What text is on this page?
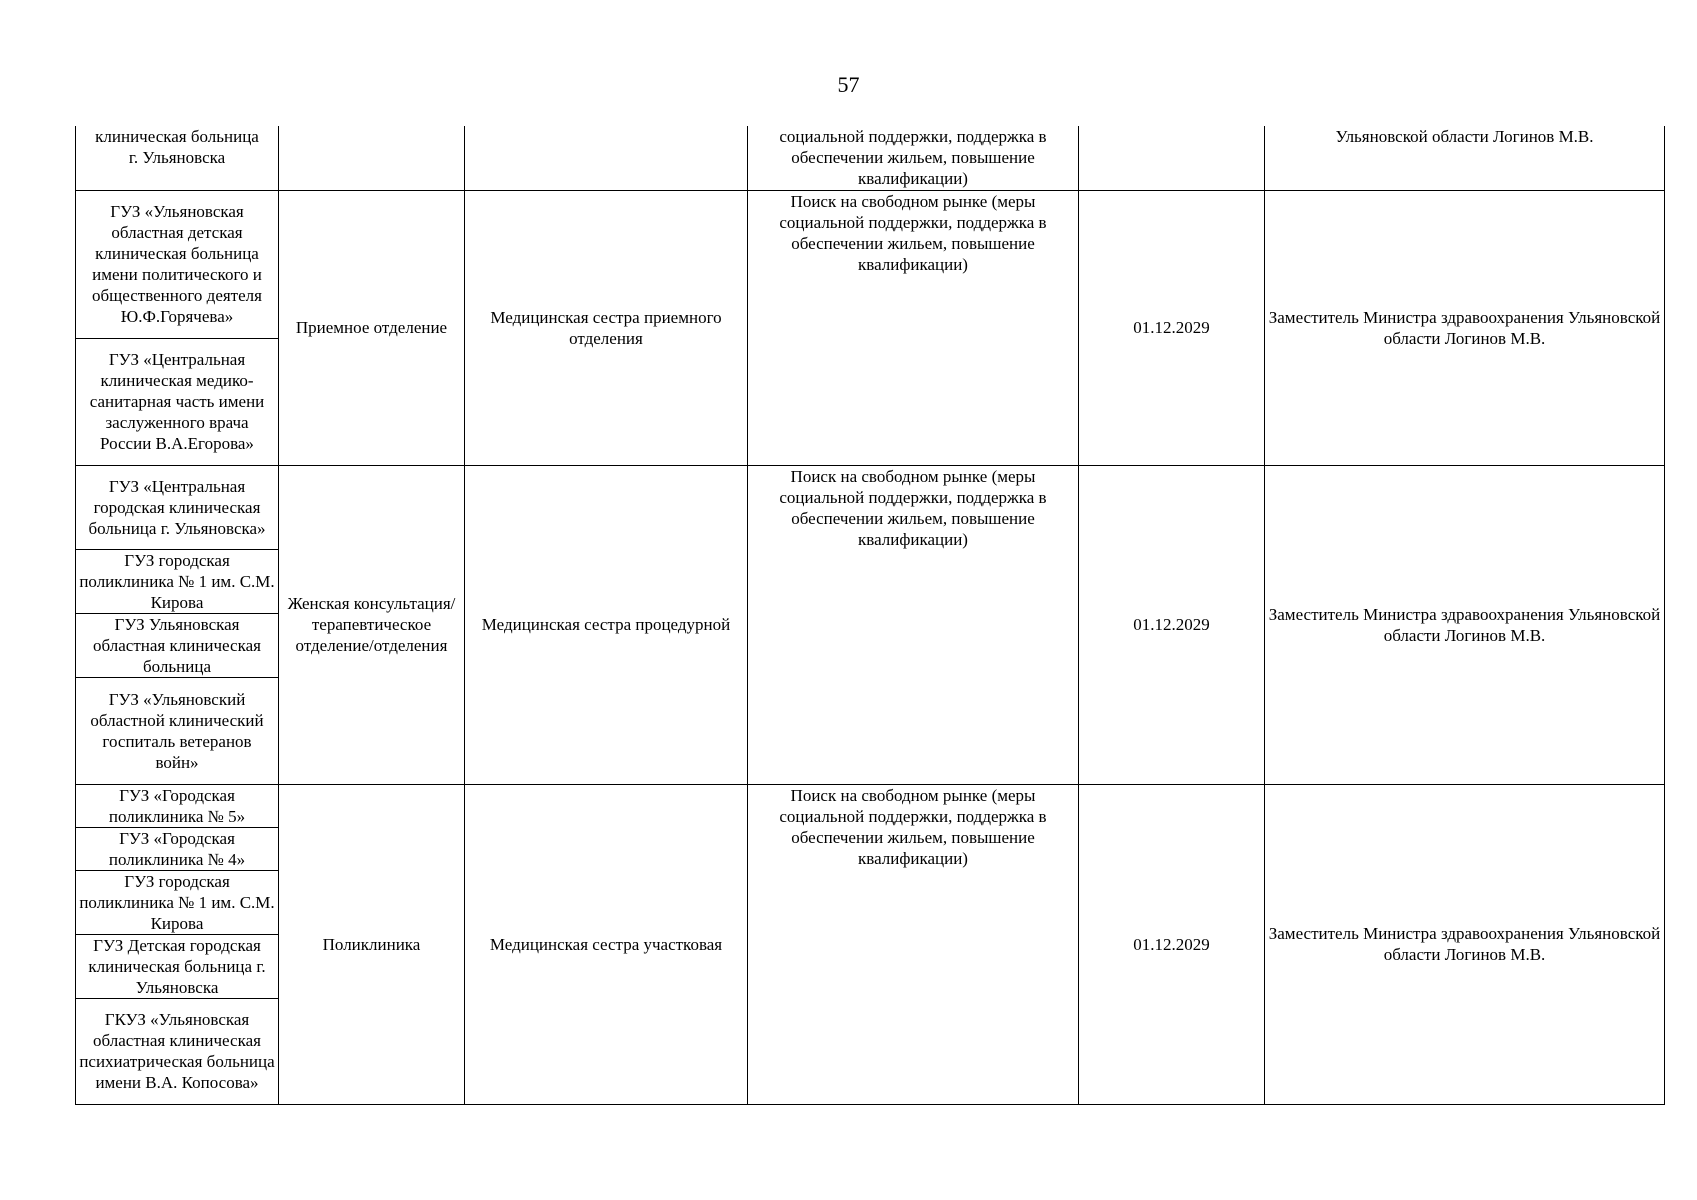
57
клиническая больница
г. Ульяновска			социальной поддержки, поддержка в обеспечении жильем, повышение квалификации)		Ульяновской области Логинов М.В.
ГУЗ «Ульяновская областная детская клиническая больница имени политического и общественного деятеля Ю.Ф.Горячева»	Приемное отделение	Медицинская сестра приемного отделения	Поиск на свободном рынке (меры социальной поддержки, поддержка в обеспечении жильем, повышение квалификации)	01.12.2029	Заместитель Министра здравоохранения Ульяновской области Логинов М.В.
ГУЗ «Центральная клиническая медико-санитарная часть имени заслуженного врача России В.А.Егорова»					
ГУЗ «Центральная городская клиническая больница г. Ульяновска»	Женская консультация/ терапевтическое отделение/отделения	Медицинская сестра процедурной	Поиск на свободном рынке (меры социальной поддержки, поддержка в обеспечении жильем, повышение квалификации)	01.12.2029	Заместитель Министра здравоохранения Ульяновской области Логинов М.В.
ГУЗ городская поликлиника № 1 им. С.М. Кирова					
ГУЗ Ульяновская областная клиническая больница					
ГУЗ «Ульяновский областной клинический госпиталь ветеранов войн»					
ГУЗ «Городская поликлиника № 5»	Поликлиника	Медицинская сестра участковая	Поиск на свободном рынке (меры социальной поддержки, поддержка в обеспечении жильем, повышение квалификации)	01.12.2029	Заместитель Министра здравоохранения Ульяновской области Логинов М.В.
ГУЗ «Городская поликлиника № 4»					
ГУЗ городская поликлиника № 1 им. С.М. Кирова					
ГУЗ Детская городская клиническая больница г. Ульяновска					
ГКУЗ «Ульяновская областная клиническая психиатрическая больница имени В.А. Копосова»					
